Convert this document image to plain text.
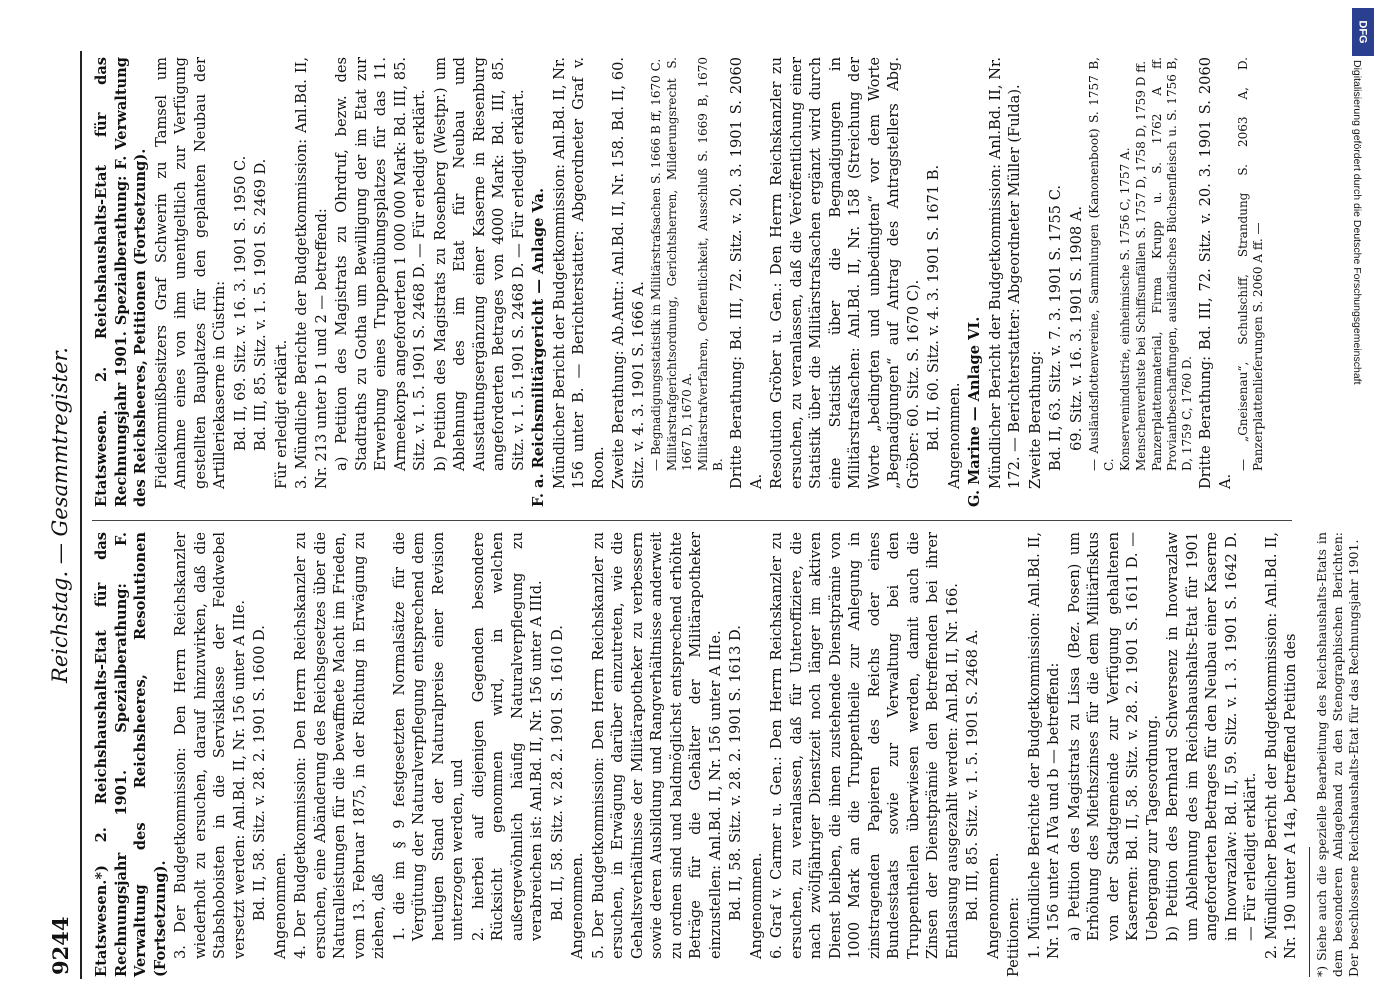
9244
Reichstag. — Gesammtregister.
Etatswesen.*) 2. Reichshaushalts-Etat für das Rechnungsjahr 1901. Spezialberathung: F. Verwaltung des Reichsheeres, Resolutionen (Fortsetzung). 3. Der Budgetkommission: Den Herrn Reichskanzler wiederholt zu ersuchen, darauf hinzuwirken, daß die Stabshoboisten in die Servisklasse der Feldwebel versetzt werden: Anl.Bd. II, Nr. 156 unter A IIIe. Bd. II, 58. Sitz. v. 28. 2. 1901 S. 1600 D. Angenommen. 4. Der Budgetkommission: Den Herrn Reichskanzler zu ersuchen, eine Abänderung des Reichsgesetzes über die Naturalleistungen für die bewaffnete Macht im Frieden, vom 13. Februar 1875, in der Richtung in Erwägung zu ziehen, daß 1. die im § 9 festgesetzten Normalsätze für die Vergütung der Naturalverpflegung entsprechend dem heutigen Stand der Naturalpreise einer Revision unterzogen werden, und 2. hierbei auf diejenigen Gegenden besondere Rücksicht genommen wird, in welchen außergewöhnlich häufig Naturalverpflegung zu verabreichen ist: Anl.Bd. II, Nr. 156 unter A IIId. Bd. II, 58. Sitz. v. 28. 2. 1901 S. 1610 D. Angenommen. 5. Der Budgetkommission: Den Herrn Reichskanzler zu ersuchen, in Erwägung darüber einzutreten, wie die Gehaltsverhältnisse der Militärapotheker zu verbessern sowie deren Ausbildung und Rangverhältnisse anderweit zu ordnen sind und baldmöglichst entsprechend erhöhte Beträge für die Gehälter der Militärapotheker einzustellen: Anl.Bd. II, Nr. 156 unter A IIIe. Bd. II, 58. Sitz. v. 28. 2. 1901 S. 1613 D. Angenommen. 6. Graf v. Carmer u. Gen.: Den Herrn Reichskanzler zu ersuchen, zu veranlassen, daß für Unteroffiziere, die nach zwölfjähriger Dienstzeit noch länger im aktiven Dienst bleiben, die ihnen zustehende Dienstprämie von 1000 Mark an die Truppentheile zur Anlegung in zinstragenden Papieren des Reichs oder eines Bundesstaats sowie zur Verwaltung bei den Truppentheilen überwiesen werden, damit auch die Zinsen der Dienstprämie den Betreffenden bei ihrer Entlassung ausgezahlt werden: Anl.Bd. II, Nr. 166. Bd. III, 85. Sitz. v. 1. 5. 1901 S. 2468 A. Angenommen. Petitionen: 1. Mündliche Berichte der Budgetkommission: Anl.Bd. II, Nr. 156 unter A IVa und b — betreffend: a) Petition des Magistrats zu Lissa (Bez. Posen) um Erhöhung des Miethszinses für die dem Militärfiskus von der Stadtgemeinde zur Verfügung gehaltenen Kasernen: Bd. II, 58. Sitz. v. 28. 2. 1901 S. 1611 D. — Uebergang zur Tagesordnung. b) Petition des Bernhard Schwersenz in Inowrazlaw um Ablehnung des im Reichshaushalts-Etat für 1901 angeforderten Betrages für den Neubau einer Kaserne in Inowrazlaw: Bd. II, 59. Sitz. v. 1. 3. 1901 S. 1642 D. — Für erledigt erklärt. 2. Mündlicher Bericht der Budgetkommission: Anl.Bd. II, Nr. 190 unter A 14a, betreffend Petition des *) Siehe auch die spezielle Bearbeitung des Reichshaushalts-Etats in dem besonderen Anlageband zu den Stenographischen Berichten: Der beschlossene Reichshaushalts-Etat für das Rechnungsjahr 1901.
Etatswesen. 2. Reichshaushalts-Etat für das Rechnungsjahr 1901. Spezialberathung: F. Verwaltung des Reichsheeres, Petitionen (Fortsetzung). Fideikommißbesitzers Graf Schwerin zu Tamsel um Annahme eines von ihm unentgeltlich zur Verfügung gestellten Bauplatzes für den geplanten Neubau der Artilleriekaserne in Cüstrin: Bd. II, 69. Sitz. v. 16. 3. 1901 S. 1950 C. Bd. III, 85. Sitz. v. 1. 5. 1901 S. 2469 D. Für erledigt erklärt. 3. Mündliche Berichte der Budgetkommission: Anl.Bd. II, Nr. 213 unter b 1 und 2 — betreffend: a) Petition des Magistrats zu Ohrdruf, bezw. des Stadtraths zu Gotha um Bewilligung der im Etat zur Erwerbung eines Truppenübungsplatzes für das 11. Armeekorps angeforderten 1 000 000 Mark: Bd. III, 85. Sitz. v. 1. 5. 1901 S. 2468 D. — Für erledigt erklärt. b) Petition des Magistrats zu Rosenberg (Westpr.) um Ablehnung des im Etat für Neubau und Ausstattungsergänzung einer Kaserne in Riesenburg angeforderten Betrages von 4000 Mark: Bd. III, 85. Sitz. v. 1. 5. 1901 S. 2468 D. — Für erledigt erklärt. F. a. Reichsmilitärgericht — Anlage Va. Mündlicher Bericht der Budgetkommission: Anl.Bd. II, Nr. 156 unter B. — Berichterstatter: Abgeordneter Graf v. Roon. Zweite Berathung: Ab.Antr.: Anl.Bd. II, Nr. 158. Bd. II, 60. Sitz. v. 4. 3. 1901 S. 1666 A. — Begnadigungsstatistik in Militärstrafsachen S. 1666 B ff, 1670 C. Militärstrafgerichtsordnung, Gerichtsherren, Milderungsrecht S. 1667 D, 1670 A. Militärstrafverfahren, Oeffentlichkeit, Ausschluß S. 1669 B, 1670 B. Dritte Berathung: Bd. III, 72. Sitz. v. 20. 3. 1901 S. 2060 A. Resolution Gröber u. Gen.: Den Herrn Reichskanzler zu ersuchen, zu veranlassen, daß die Veröffentlichung einer Statistik über die Militärstrafsachen ergänzt wird durch eine Statistik über die Begnadigungen in Militärstrafsachen: Anl.Bd. II, Nr. 158 (Streichung der Worte „bedingten und unbedingten“ vor dem Worte „Begnadigungen“ auf Antrag des Antragstellers Abg. Gröber: 60. Sitz. S. 1670 C). Bd. II, 60. Sitz. v. 4. 3. 1901 S. 1671 B. Angenommen. G. Marine — Anlage VI. Mündlicher Bericht der Budgetkommission: Anl.Bd. II, Nr. 172. — Berichterstatter: Abgeordneter Müller (Fulda). Zweite Berathung: Bd. II, 63. Sitz. v. 7. 3. 1901 S. 1755 C. 69. Sitz. v. 16. 3. 1901 S. 1908 A. — Ausländsflottenvereine, Sammlungen (Kanonenboot) S. 1757 B, C. Konservenindustrie, einheimische S. 1756 C, 1757 A. Menschenverluste bei Schiffsunfällen S. 1757 D, 1758 D, 1759 D ff. Panzerplattenmaterial, Firma Krupp u. S. 1762 A ff. Proviantbeschaffungen, ausländisches Büchsenfleisch u. S. 1756 B, D, 1759 C, 1760 D. Dritte Berathung: Bd. III, 72. Sitz. v. 20. 3. 1901 S. 2060 A.
— „Gneisenau“, Schulschiff, Strandung S. 2063 A, D. Panzerplattenlieferungen S. 2060 A ff. —
DFG
Digitalisierung gefördert durch die Deutsche Forschungsgemeinschaft
